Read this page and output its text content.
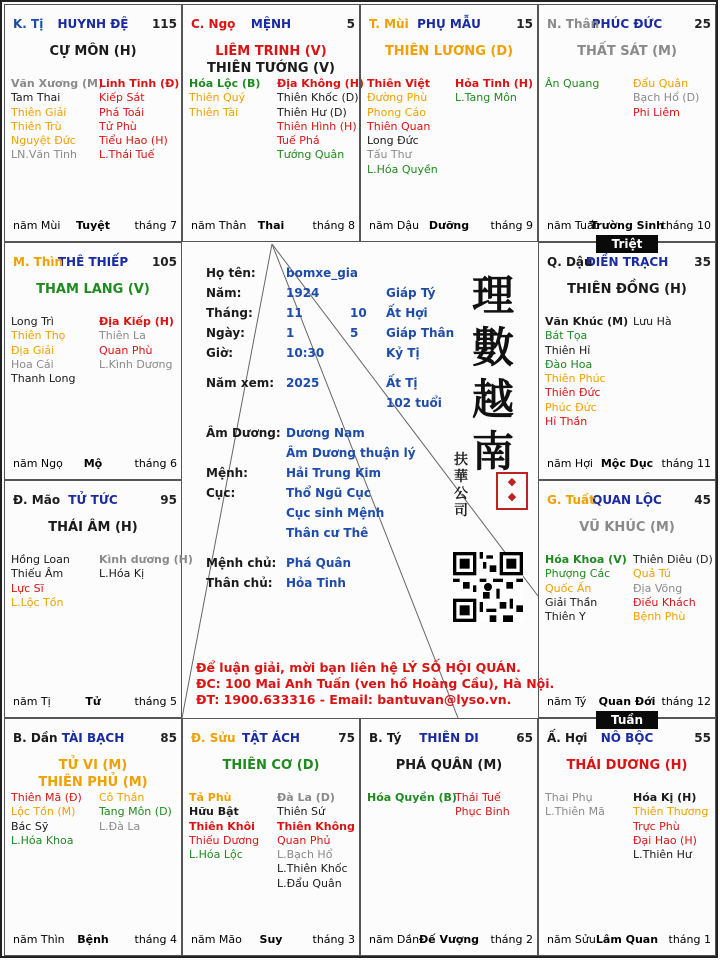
HUYNH ĐỆ
K. Tị	115
CỰ MÔN (H)
Văn Xương (M)
Tam Thai
Thiên Giải
Thiên Trù
Nguyệt Đức
LN.Văn Tinh
Linh Tinh (Đ)
Kiếp Sát
Phá Toái
Tử Phù
Tiểu Hao (H)
L.Thái Tuế
Tuyệt
năm Mùi	tháng 7
MỆNH
C. Ngọ	5
LIÊM TRINH (V)
THIÊN TƯỚNG (V)
Hóa Lộc (B)
Thiên Quý
Thiên Tài
Địa Không (H)
Thiên Khốc (D)
Thiên Hư (D)
Thiên Hình (H)
Tuế Phá
Tướng Quân
Thai
năm Thân	tháng 8
PHỤ MẪU
T. Mùi	15
THIÊN LƯƠNG (D)
Thiên Việt
Đường Phù
Phong Cáo
Thiên Quan
Long Đức
Tấu Thư
L.Hóa Quyền
Hỏa Tinh (H)
L.Tang Môn
Dưỡng
năm Dậu	tháng 9
PHÚC ĐỨC
N. Thân	25
THẤT SÁT (M)
Ân Quang	Đẩu Quân
Bạch Hổ (D)
Phi Liêm
Trường Sinh
năm Tuất	tháng 10
THÊ THIẾP
M. Thìn	105
THAM LANG (V)
Long Trì
Thiên Thọ
Địa Giải
Hoa Cái
Thanh Long
Địa Kiếp (H)
Thiên La
Quan Phù
L.Kình Dương
Mộ
năm Ngọ	tháng 6
ĐIỀN TRẠCH
Q. Dậu	35
THIÊN ĐỒNG (H)
Văn Khúc (M)
Bát Tọa
Thiên Hỉ
Đào Hoa
Thiên Phúc
Thiên Đức
Phúc Đức
Hỉ Thần
Lưu Hà
Mộc Dục
năm Hợi	tháng 11
TỬ TỨC
Đ. Mão	95
THÁI ÂM (H)
Hồng Loan
Thiếu Âm
Lực Sĩ
L.Lộc Tồn
Kình dương (H)
L.Hóa Kị
Tử
năm Tị	tháng 5
QUAN LỘC
G. Tuất	45
VŨ KHÚC (M)
Hóa Khoa (V)
Phượng Các
Quốc Ấn
Giải Thần
Thiên Y
Thiên Diêu (D)
Quả Tú
Địa Võng
Điếu Khách
Bệnh Phù
Quan Đới
năm Tý	tháng 12
TÀI BẠCH
B. Dần	85
TỬ VI (M)
THIÊN PHỦ (M)
Thiên Mã (Đ)
Lộc Tồn (M)
Bác Sỹ
L.Hóa Khoa
Cô Thần
Tang Môn (D)
L.Đà La
Bệnh
năm Thìn	tháng 4
TẬT ÁCH
Đ. Sửu	75
THIÊN CƠ (D)
Tả Phù
Hữu Bật
Thiên Khôi
Thiếu Dương
L.Hóa Lộc
Đà La (D)
Thiên Sứ
Thiên Không
Quan Phủ
L.Bạch Hổ
L.Thiên Khốc
L.Đẩu Quân
Suy
năm Mão	tháng 3
THIÊN DI
B. Tý	65
PHÁ QUÂN (M)
Hóa Quyền (B)
Thái Tuế
Phục Binh
Đế Vượng
năm Dần	tháng 2
NÔ BỘC
Ấ. Hợi	55
THÁI DƯƠNG (H)
Thai Phụ
L.Thiên Mã
Hóa Kị (H)
Thiên Thương
Trực Phù
Đại Hao (H)
L.Thiên Hư
Lâm Quan
năm Sửu	tháng 1
Triệt
Tuần
Họ tên:	bomxe_gia
Năm:	1924	Giáp Tý
Tháng:	11	10 Ất Hợi
Ngày:	1	5 Giáp Thân
Giờ:	10:30	Kỷ Tị
Năm xem: 2025	Ất Tị
102 tuổi
Âm Dương: Dương Nam
Âm Dương thuận lý
Mệnh:	Hải Trung Kim
Cục:	Thổ Ngũ Cục
Cục sinh Mệnh
Thân cư Thê
Mệnh chủ: Phá Quân
Thân chủ: Hỏa Tinh
理
數
越
南
◆
◆
扶
華
公
司
Để luận giải, mời bạn liên hệ LÝ SỐ HỘI QUÁN.
ĐC: 100 Mai Anh Tuấn (ven hồ Hoàng Cầu), Hà Nội.
ĐT: 1900.633316 - Email: bantuvan@lyso.vn.
